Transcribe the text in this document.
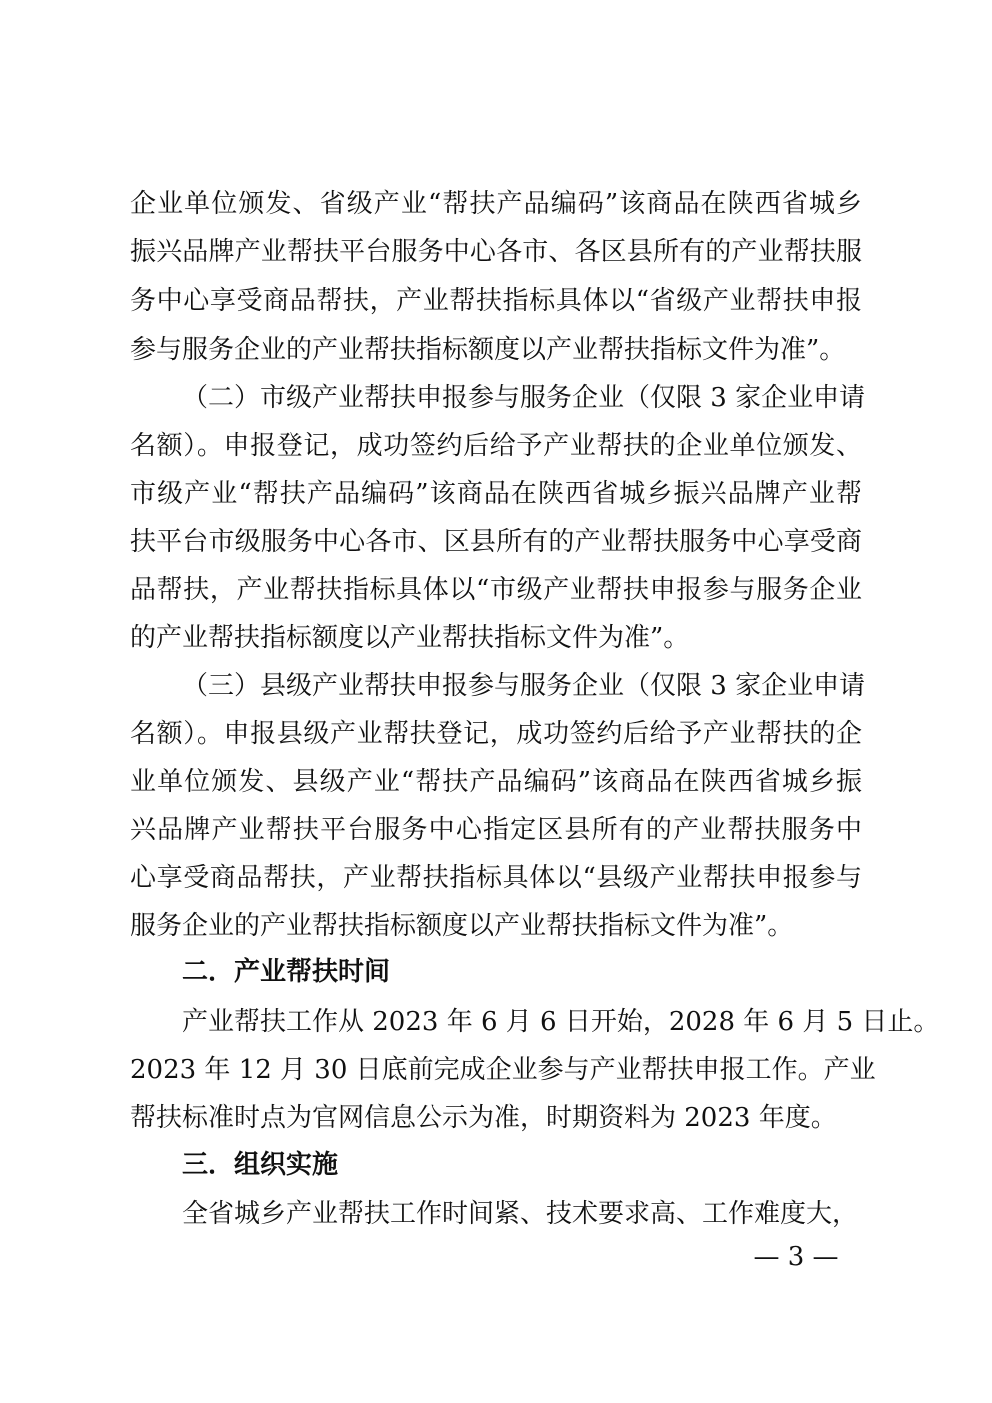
企业单位颁发、省级产业“帮扶产品编码”该商品在陕西省城乡
振兴品牌产业帮扶平台服务中心各市、各区县所有的产业帮扶服
务中心享受商品帮扶，产业帮扶指标具体以“省级产业帮扶申报
参与服务企业的产业帮扶指标额度以产业帮扶指标文件为准”。
（二）市级产业帮扶申报参与服务企业（仅限 3 家企业申请
名额）。申报登记，成功签约后给予产业帮扶的企业单位颁发、
市级产业“帮扶产品编码”该商品在陕西省城乡振兴品牌产业帮
扶平台市级服务中心各市、区县所有的产业帮扶服务中心享受商
品帮扶，产业帮扶指标具体以“市级产业帮扶申报参与服务企业
的产业帮扶指标额度以产业帮扶指标文件为准”。
（三）县级产业帮扶申报参与服务企业（仅限 3 家企业申请
名额）。申报县级产业帮扶登记，成功签约后给予产业帮扶的企
业单位颁发、县级产业“帮扶产品编码”该商品在陕西省城乡振
兴品牌产业帮扶平台服务中心指定区县所有的产业帮扶服务中
心享受商品帮扶，产业帮扶指标具体以“县级产业帮扶申报参与
服务企业的产业帮扶指标额度以产业帮扶指标文件为准”。
二．产业帮扶时间
产业帮扶工作从 2023 年 6 月 6 日开始，2028 年 6 月 5 日止。
2023 年 12 月 30 日底前完成企业参与产业帮扶申报工作。产业
帮扶标准时点为官网信息公示为准，时期资料为 2023 年度。
三．组织实施
全省城乡产业帮扶工作时间紧、技术要求高、工作难度大，
— 3 —
